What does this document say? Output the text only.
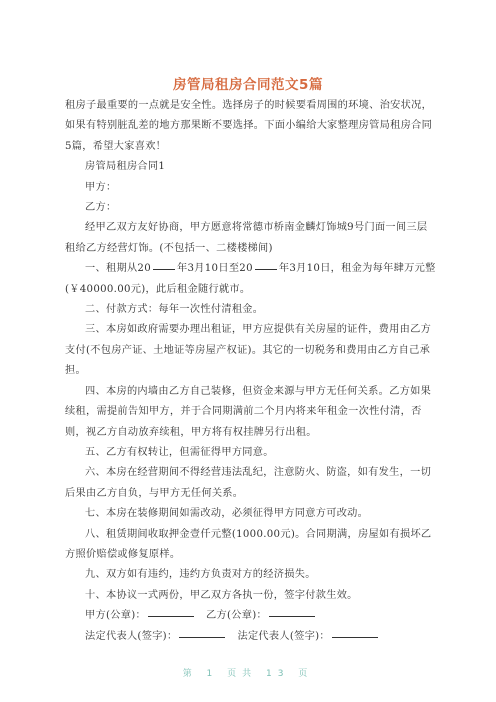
房管局租房合同范文5篇

租房子最重要的一点就是安全性。选择房子的时候要看周围的环境、治安状况，如果有特别脏乱差的地方那果断不要选择。下面小编给大家整理房管局租房合同5篇，希望大家喜欢！

房管局租房合同1

甲方：

乙方：

经甲乙双方友好协商，甲方愿意将常德市桥南金麟灯饰城9号门面一间三层租给乙方经营灯饰。(不包括一、二楼楼梯间)

一、租期从20	年3月10日至20	年3月10日，租金为每年肆万元整(￥40000.00元)，此后租金随行就市。

二、付款方式：每年一次性付清租金。

三、本房如政府需要办理出租证，甲方应提供有关房屋的证件，费用由乙方支付(不包房产证、土地证等房屋产权证)。其它的一切税务和费用由乙方自己承担。

四、本房的内墙由乙方自己装修，但资金来源与甲方无任何关系。乙方如果续租，需提前告知甲方，并于合同期满前二个月内将来年租金一次性付清，否则，视乙方自动放弃续租，甲方将有权挂牌另行出租。

五、乙方有权转让，但需征得甲方同意。

六、本房在经营期间不得经营违法乱纪，注意防火、防盗，如有发生，一切后果由乙方自负，与甲方无任何关系。

七、本房在装修期间如需改动，必须征得甲方同意方可改动。

八、租赁期间收取押金壹仟元整(1000.00元)。合同期满，房屋如有损坏乙方照价赔偿或修复原样。

九、双方如有违约，违约方负责对方的经济损失。

十、本协议一式两份，甲乙双方各执一份，签字付款生效。

甲方(公章)：	乙方(公章)：

法定代表人(签字)：	法定代表人(签字)：

第 1 页共 13 页
